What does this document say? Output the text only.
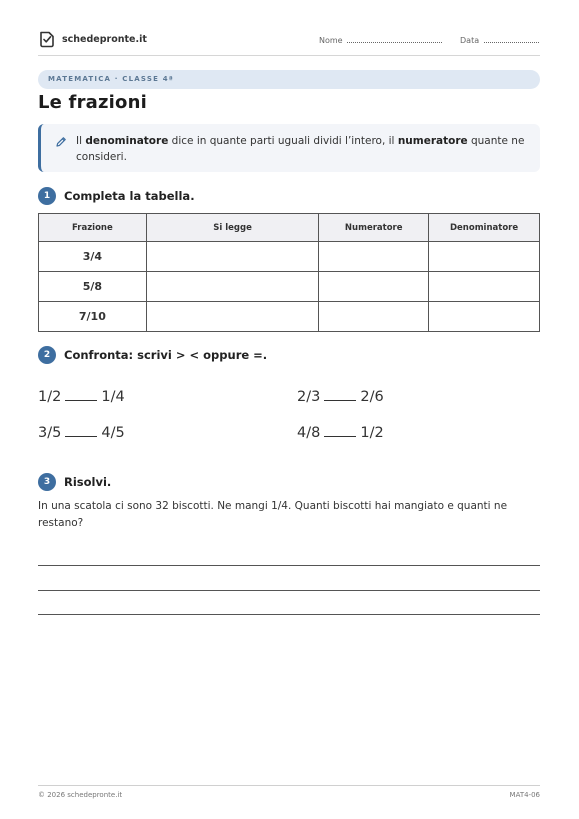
schedepronte.it	Nome	Data
MATEMATICA · CLASSE 4ª
Le frazioni
Il denominatore dice in quante parti uguali dividi l’intero, il numeratore quante ne consideri.
1	Completa la tabella.
Frazione	Si legge	Numeratore	Denominatore
3/4			
5/8			
7/10			
2	Confronta: scrivi > < oppure =.
1/2	1/4	2/3	2/6
3/5	4/5	4/8	1/2
3	Risolvi.
In una scatola ci sono 32 biscotti. Ne mangi 1/4. Quanti biscotti hai mangiato e quanti ne restano?
© 2026 schedepronte.it	MAT4-06
